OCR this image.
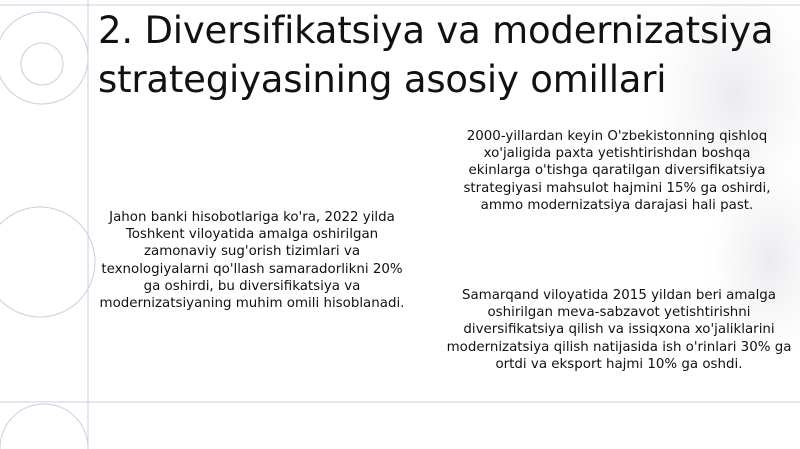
2. Diversifikatsiya va modernizatsiya strategiyasining asosiy omillari

2000-yillardan keyin O'zbekistonning qishloq xo'jaligida paxta yetishtirishdan boshqa ekinlarga o'tishga qaratilgan diversifikatsiya strategiyasi mahsulot hajmini 15% ga oshirdi, ammo modernizatsiya darajasi hali past.

Jahon banki hisobotlariga ko'ra, 2022 yilda Toshkent viloyatida amalga oshirilgan zamonaviy sug'orish tizimlari va texnologiyalarni qo'llash samaradorlikni 20% ga oshirdi, bu diversifikatsiya va modernizatsiyaning muhim omili hisoblanadi.

Samarqand viloyatida 2015 yildan beri amalga oshirilgan meva-sabzavot yetishtirishni diversifikatsiya qilish va issiqxona xo'jaliklarini modernizatsiya qilish natijasida ish o'rinlari 30% ga ortdi va eksport hajmi 10% ga oshdi.
